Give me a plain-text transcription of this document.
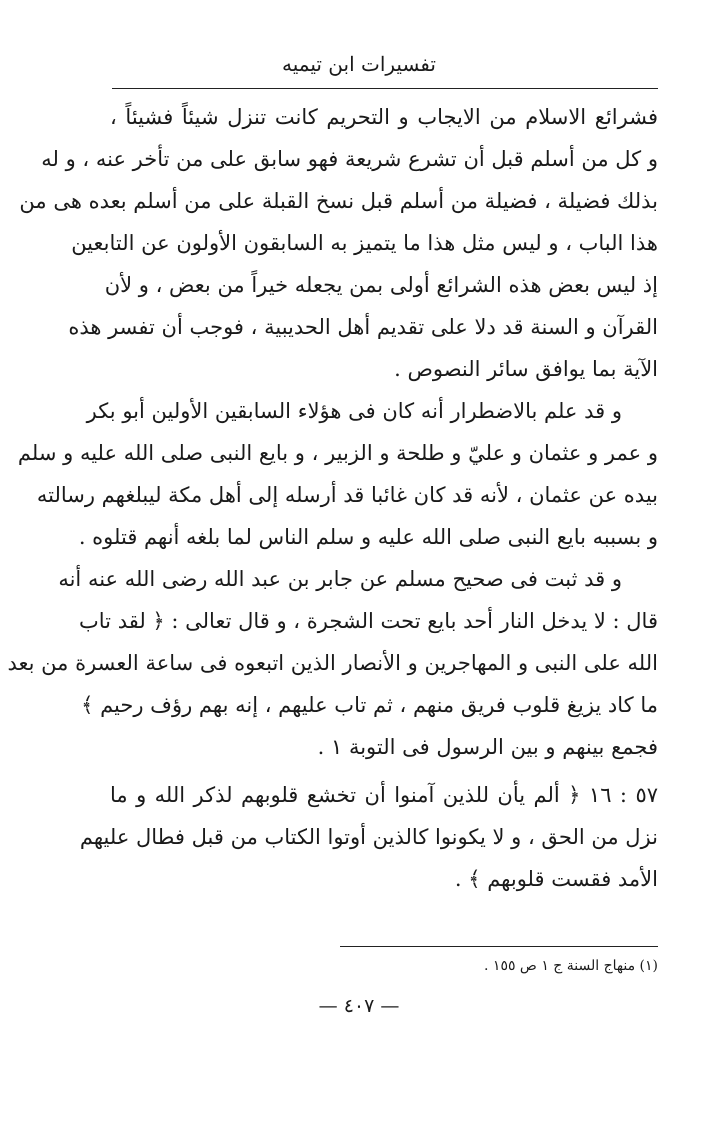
تفسيرات ابن تيميه
فشرائع الاسلام من الايجاب و التحريم كانت تنزل شيئاً فشيئاً ،
و كل من أسلم قبل أن تشرع شريعة فهو سابق على من تأخر عنه ، و له
بذلك فضيلة ، فضيلة من أسلم قبل نسخ القبلة على من أسلم بعده هى من
هذا الباب ، و ليس مثل هذا ما يتميز به السابقون الأولون عن التابعين
إذ ليس بعض هذه الشرائع أولى بمن يجعله خيراً من بعض ، و لأن
القرآن و السنة قد دلا على تقديم أهل الحديبية ، فوجب أن تفسر هذه
الآية بما يوافق سائر النصوص .
و قد علم بالاضطرار أنه كان فى هؤلاء السابقين الأولين أبو بكر
و عمر و عثمان و عليّ و طلحة و الزبير ، و بايع النبى صلى الله عليه و سلم
بيده عن عثمان ، لأنه قد كان غائبا قد أرسله إلى أهل مكة ليبلغهم رسالته
و بسببه بايع النبى صلى الله عليه و سلم الناس لما بلغه أنهم قتلوه .
و قد ثبت فى صحيح مسلم عن جابر بن عبد الله رضى الله عنه أنه
قال : لا يدخل النار أحد بايع تحت الشجرة ، و قال تعالى : ﴿ لقد تاب
الله على النبى و المهاجرين و الأنصار الذين اتبعوه فى ساعة العسرة من بعد
ما كاد يزيغ قلوب فريق منهم ، ثم تاب عليهم ، إنه بهم رؤف رحيم ﴾
فجمع بينهم و بين الرسول فى التوبة ١ .
٥٧ : ١٦ ﴿ ألم يأن للذين آمنوا أن تخشع قلوبهم لذكر الله و ما
نزل من الحق ، و لا يكونوا كالذين أوتوا الكتاب من قبل فطال عليهم
الأمد فقست قلوبهم ﴾ .
(١) منهاج السنة ج ١ ص ١٥٥ .
— ٤٠٧ —
